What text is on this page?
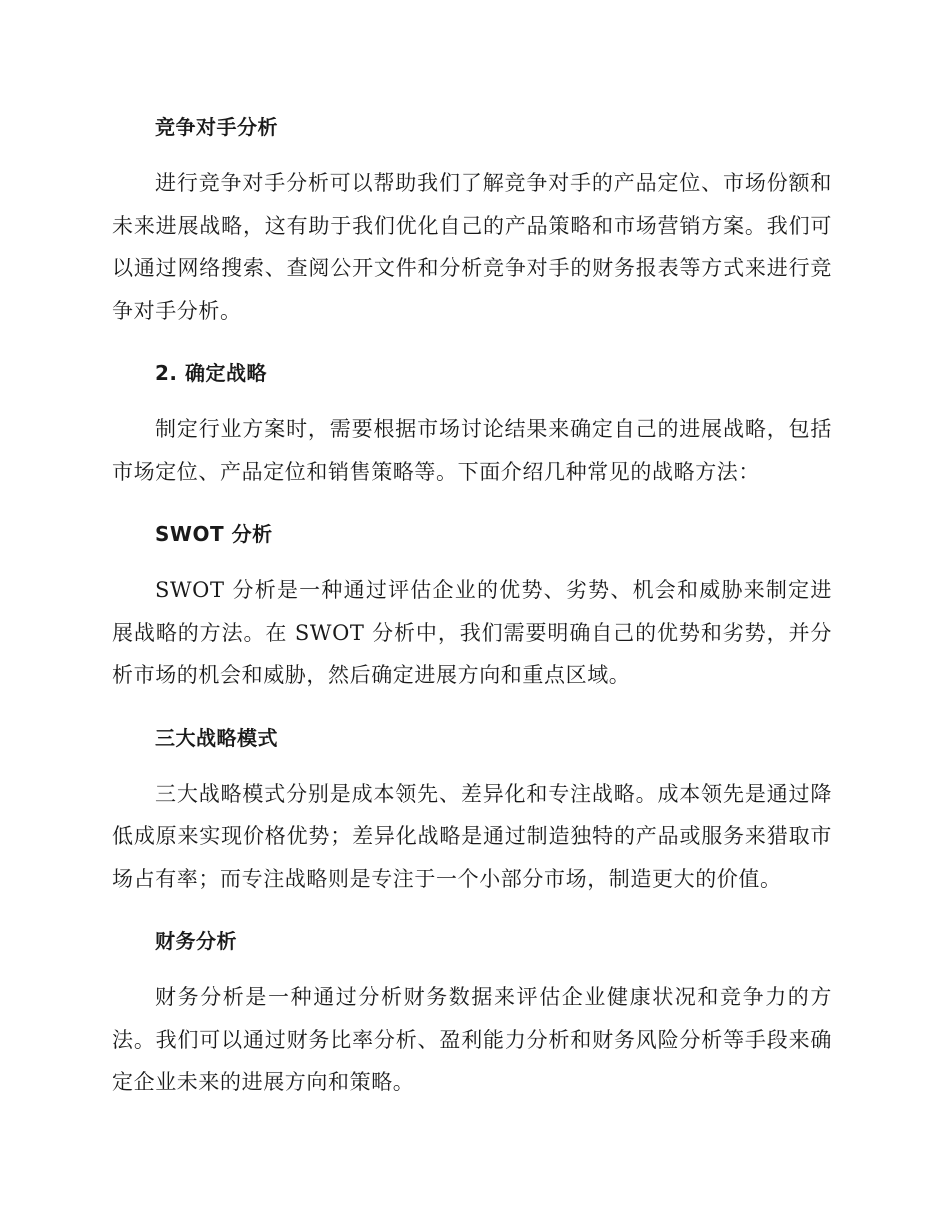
竞争对手分析

进行竞争对手分析可以帮助我们了解竞争对手的产品定位、市场份额和未来进展战略，这有助于我们优化自己的产品策略和市场营销方案。我们可以通过网络搜索、查阅公开文件和分析竞争对手的财务报表等方式来进行竞争对手分析。

2. 确定战略

制定行业方案时，需要根据市场讨论结果来确定自己的进展战略，包括市场定位、产品定位和销售策略等。下面介绍几种常见的战略方法：

SWOT 分析

SWOT 分析是一种通过评估企业的优势、劣势、机会和威胁来制定进展战略的方法。在 SWOT 分析中，我们需要明确自己的优势和劣势，并分析市场的机会和威胁，然后确定进展方向和重点区域。

三大战略模式

三大战略模式分别是成本领先、差异化和专注战略。成本领先是通过降低成原来实现价格优势；差异化战略是通过制造独特的产品或服务来猎取市场占有率；而专注战略则是专注于一个小部分市场，制造更大的价值。

财务分析

财务分析是一种通过分析财务数据来评估企业健康状况和竞争力的方法。我们可以通过财务比率分析、盈利能力分析和财务风险分析等手段来确定企业未来的进展方向和策略。
